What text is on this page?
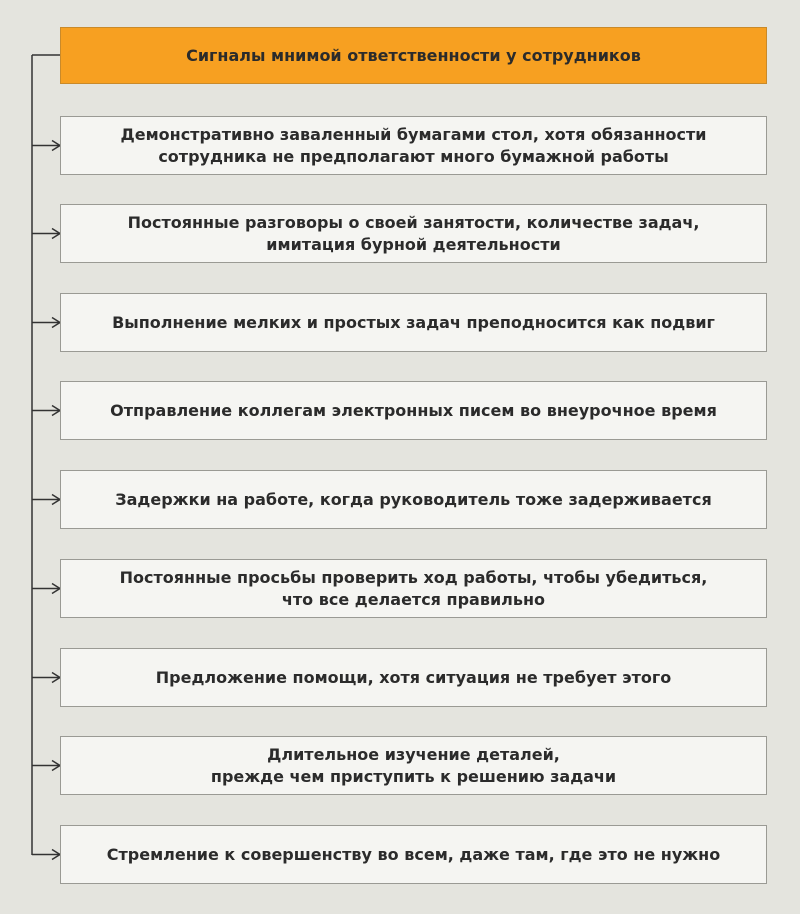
Сигналы мнимой ответственности у сотрудников
Демонстративно заваленный бумагами стол, хотя обязанности
сотрудника не предполагают много бумажной работы
Постоянные разговоры о своей занятости, количестве задач,
имитация бурной деятельности
Выполнение мелких и простых задач преподносится как подвиг
Отправление коллегам электронных писем во внеурочное время
Задержки на работе, когда руководитель тоже задерживается
Постоянные просьбы проверить ход работы, чтобы убедиться,
что все делается правильно
Предложение помощи, хотя ситуация не требует этого
Длительное изучение деталей,
прежде чем приступить к решению задачи
Стремление к совершенству во всем, даже там, где это не нужно
